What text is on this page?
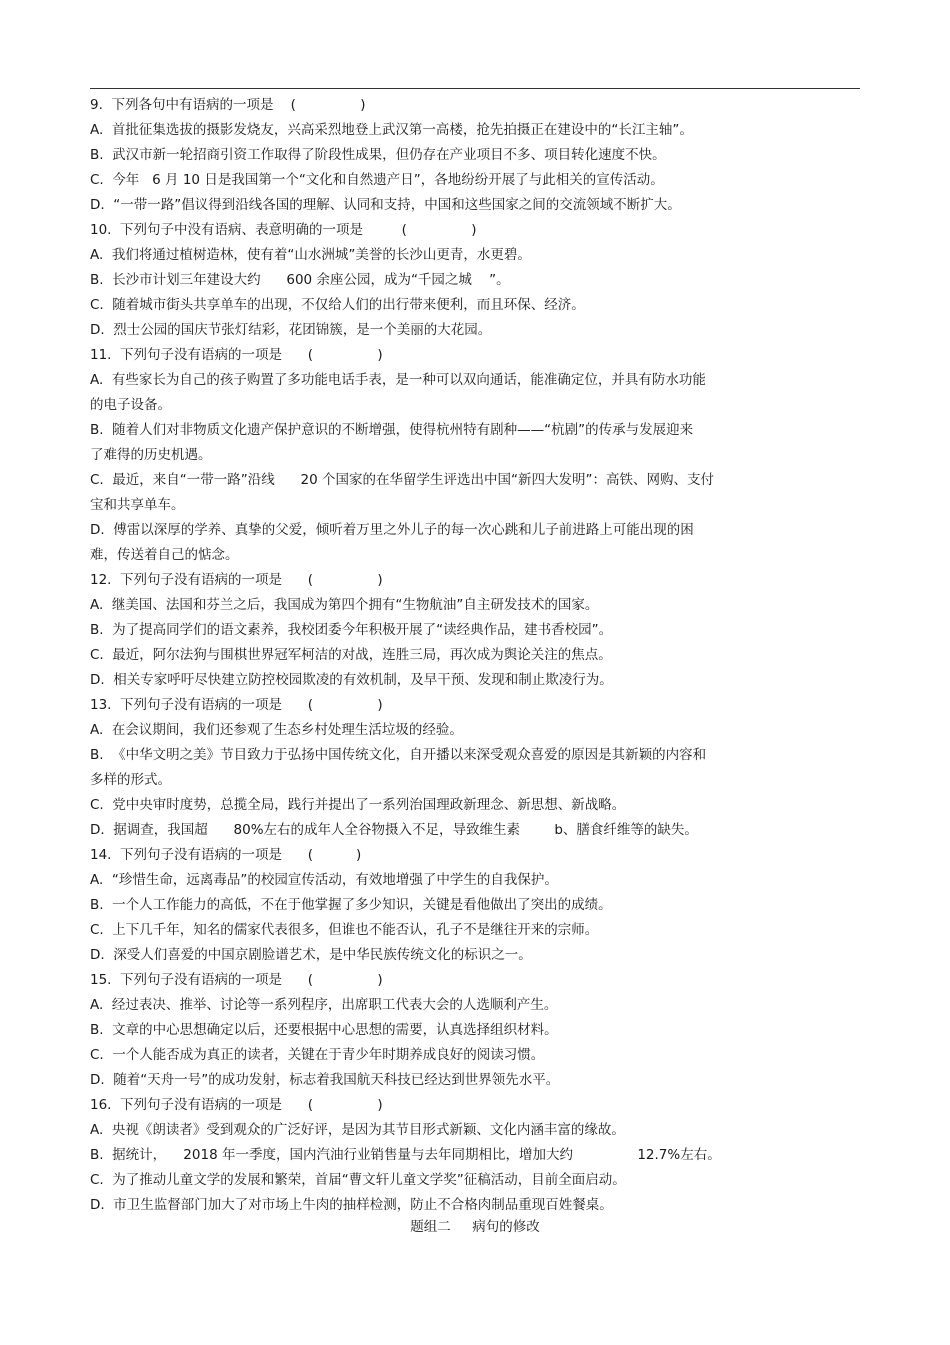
9.  下列各句中有语病的一项是    (               )
A.  首批征集选拔的摄影发烧友，兴高采烈地登上武汉第一高楼，抢先拍摄正在建设中的“长江主轴”。
B.  武汉市新一轮招商引资工作取得了阶段性成果，但仍存在产业项目不多、项目转化速度不快。
C.  今年   6 月 10 日是我国第一个“文化和自然遗产日”，各地纷纷开展了与此相关的宣传活动。
D.  “一带一路”倡议得到沿线各国的理解、认同和支持，中国和这些国家之间的交流领域不断扩大。
10.  下列句子中没有语病、表意明确的一项是         (               )
A.  我们将通过植树造林，使有着“山水洲城”美誉的长沙山更青，水更碧。
B.  长沙市计划三年建设大约      600 余座公园，成为“千园之城    ”。
C.  随着城市街头共享单车的出现，不仅给人们的出行带来便利，而且环保、经济。
D.  烈士公园的国庆节张灯结彩，花团锦簇，是一个美丽的大花园。
11.  下列句子没有语病的一项是      (               )
A.  有些家长为自己的孩子购置了多功能电话手表，是一种可以双向通话，能准确定位，并具有防水功能
的电子设备。
B.  随着人们对非物质文化遗产保护意识的不断增强，使得杭州特有剧种——“杭剧”的传承与发展迎来
了难得的历史机遇。
C.  最近，来自“一带一路”沿线      20 个国家的在华留学生评选出中国“新四大发明”：高铁、网购、支付
宝和共享单车。
D.  傅雷以深厚的学养、真挚的父爱，倾听着万里之外儿子的每一次心跳和儿子前进路上可能出现的困
难，传送着自己的惦念。
12.  下列句子没有语病的一项是      (               )
A.  继美国、法国和芬兰之后，我国成为第四个拥有“生物航油”自主研发技术的国家。
B.  为了提高同学们的语文素养，我校团委今年积极开展了“读经典作品，建书香校园”。
C.  最近，阿尔法狗与围棋世界冠军柯洁的对战，连胜三局，再次成为舆论关注的焦点。
D.  相关专家呼吁尽快建立防控校园欺凌的有效机制，及早干预、发现和制止欺凌行为。
13.  下列句子没有语病的一项是      (               )
A.  在会议期间，我们还参观了生态乡村处理生活垃圾的经验。
B.  《中华文明之美》节目致力于弘扬中国传统文化，自开播以来深受观众喜爱的原因是其新颖的内容和
多样的形式。
C.  党中央审时度势，总揽全局，践行并提出了一系列治国理政新理念、新思想、新战略。
D.  据调查，我国超      80%左右的成年人全谷物摄入不足，导致维生素        b、膳食纤维等的缺失。
14.  下列句子没有语病的一项是      (          )
A.  “珍惜生命，远离毒品”的校园宣传活动，有效地增强了中学生的自我保护。
B.  一个人工作能力的高低，不在于他掌握了多少知识，关键是看他做出了突出的成绩。
C.  上下几千年，知名的儒家代表很多，但谁也不能否认，孔子不是继往开来的宗师。
D.  深受人们喜爱的中国京剧脸谱艺术，是中华民族传统文化的标识之一。
15.  下列句子没有语病的一项是      (               )
A.  经过表决、推举、讨论等一系列程序，出席职工代表大会的人选顺利产生。
B.  文章的中心思想确定以后，还要根据中心思想的需要，认真选择组织材料。
C.  一个人能否成为真正的读者，关键在于青少年时期养成良好的阅读习惯。
D.  随着“天舟一号”的成功发射，标志着我国航天科技已经达到世界领先水平。
16.  下列句子没有语病的一项是      (               )
A.  央视《朗读者》受到观众的广泛好评，是因为其节目形式新颖、文化内涵丰富的缘故。
B.  据统计，    2018 年一季度，国内汽油行业销售量与去年同期相比，增加大约               12.7%左右。
C.  为了推动儿童文学的发展和繁荣，首届“曹文轩儿童文学奖”征稿活动，目前全面启动。
D.  市卫生监督部门加大了对市场上牛肉的抽样检测，防止不合格肉制品重现百姓餐桌。
题组二     病句的修改
